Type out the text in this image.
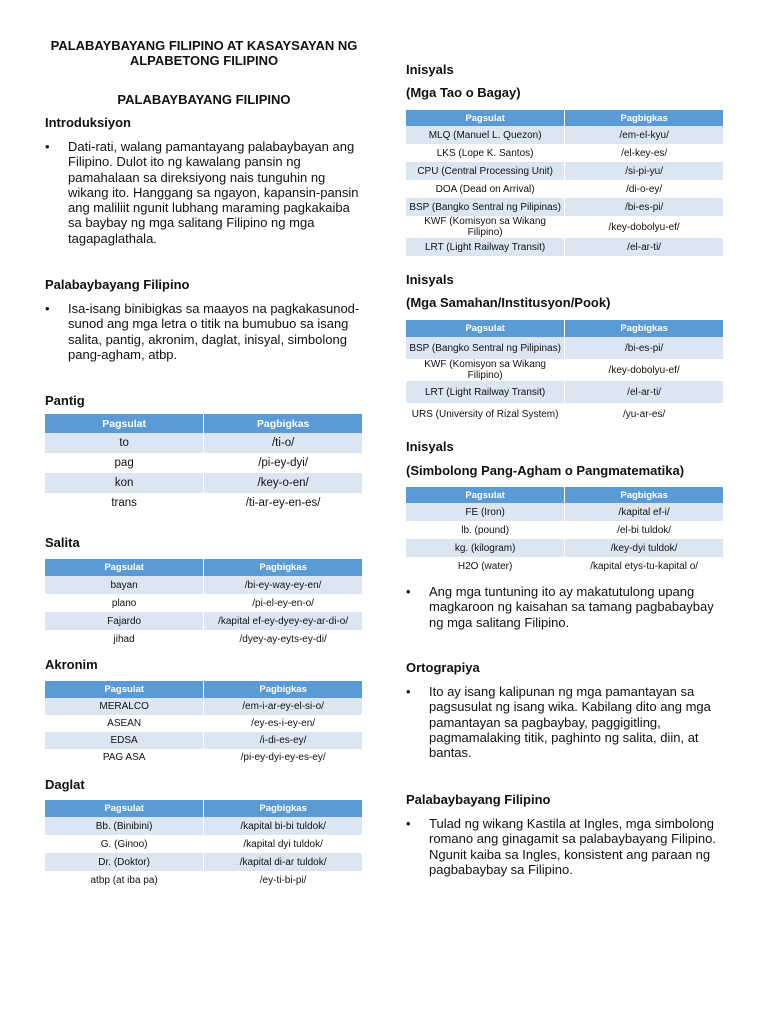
PALABAYBAYANG FILIPINO AT KASAYSAYAN NG ALPABETONG FILIPINO
PALABAYBAYANG FILIPINO
Introduksiyon
•	Dati-rati, walang pamantayang palabaybayan ang Filipino. Dulot ito ng kawalang pansin ng pamahalaan sa direksiyong nais tunguhin ng wikang ito. Hanggang sa ngayon, kapansin-pansin ang maliliit ngunit lubhang maraming pagkakaiba sa baybay ng mga salitang Filipino ng mga tagapaglathala.
Palabaybayang Filipino
•	Isa-isang binibigkas sa maayos na pagkakasunod-sunod ang mga letra o titik na bumubuo sa isang salita, pantig, akronim, daglat, inisyal, simbolong pang-agham, atbp.
Pantig
Pagsulat	Pagbigkas
to	/ti-o/
pag	/pi-ey-dyi/
kon	/key-o-en/
trans	/ti-ar-ey-en-es/
Salita
Pagsulat	Pagbigkas
bayan	/bi-ey-way-ey-en/
plano	/pi-el-ey-en-o/
Fajardo	/kapital ef-ey-dyey-ey-ar-di-o/
jihad	/dyey-ay-eyts-ey-di/
Akronim
Pagsulat	Pagbigkas
MERALCO	/em-i-ar-ey-el-si-o/
ASEAN	/ey-es-i-ey-en/
EDSA	/i-di-es-ey/
PAG ASA	/pi-ey-dyi-ey-es-ey/
Daglat
Pagsulat	Pagbigkas
Bb. (Binibini)	/kapital bi-bi tuldok/
G. (Ginoo)	/kapital dyi tuldok/
Dr. (Doktor)	/kapital di-ar tuldok/
atbp (at iba pa)	/ey-ti-bi-pi/
Inisyals
(Mga Tao o Bagay)
Pagsulat	Pagbigkas
MLQ (Manuel L. Quezon)	/em-el-kyu/
LKS (Lope K. Santos)	/el-key-es/
CPU (Central Processing Unit)	/si-pi-yu/
DOA (Dead on Arrival)	/di-o-ey/
BSP (Bangko Sentral ng Pilipinas)	/bi-es-pi/
KWF (Komisyon sa Wikang Filipino)	/key-dobolyu-ef/
LRT (Light Railway Transit)	/el-ar-ti/
Inisyals
(Mga Samahan/Institusyon/Pook)
Pagsulat	Pagbigkas
BSP (Bangko Sentral ng Pilipinas)	/bi-es-pi/
KWF (Komisyon sa Wikang Filipino)	/key-dobolyu-ef/
LRT (Light Railway Transit)	/el-ar-ti/
URS (University of Rizal System)	/yu-ar-es/
Inisyals
(Simbolong Pang-Agham o Pangmatematika)
Pagsulat	Pagbigkas
FE (Iron)	/kapital ef-i/
lb. (pound)	/el-bi tuldok/
kg. (kilogram)	/key-dyi tuldok/
H2O (water)	/kapital etys-tu-kapital o/
•	Ang mga tuntuning ito ay makatutulong upang magkaroon ng kaisahan sa tamang pagbabaybay ng mga salitang Filipino.
Ortograpiya
•	Ito ay isang kalipunan ng mga pamantayan sa pagsusulat ng isang wika. Kabilang dito ang mga pamantayan sa pagbaybay, paggigitling, pagmamalaking titik, paghinto ng salita, diin, at bantas.
Palabaybayang Filipino
•	Tulad ng wikang Kastila at Ingles, mga simbolong romano ang ginagamit sa palabaybayang Filipino. Ngunit kaiba sa Ingles, konsistent ang paraan ng pagbabaybay sa Filipino.
